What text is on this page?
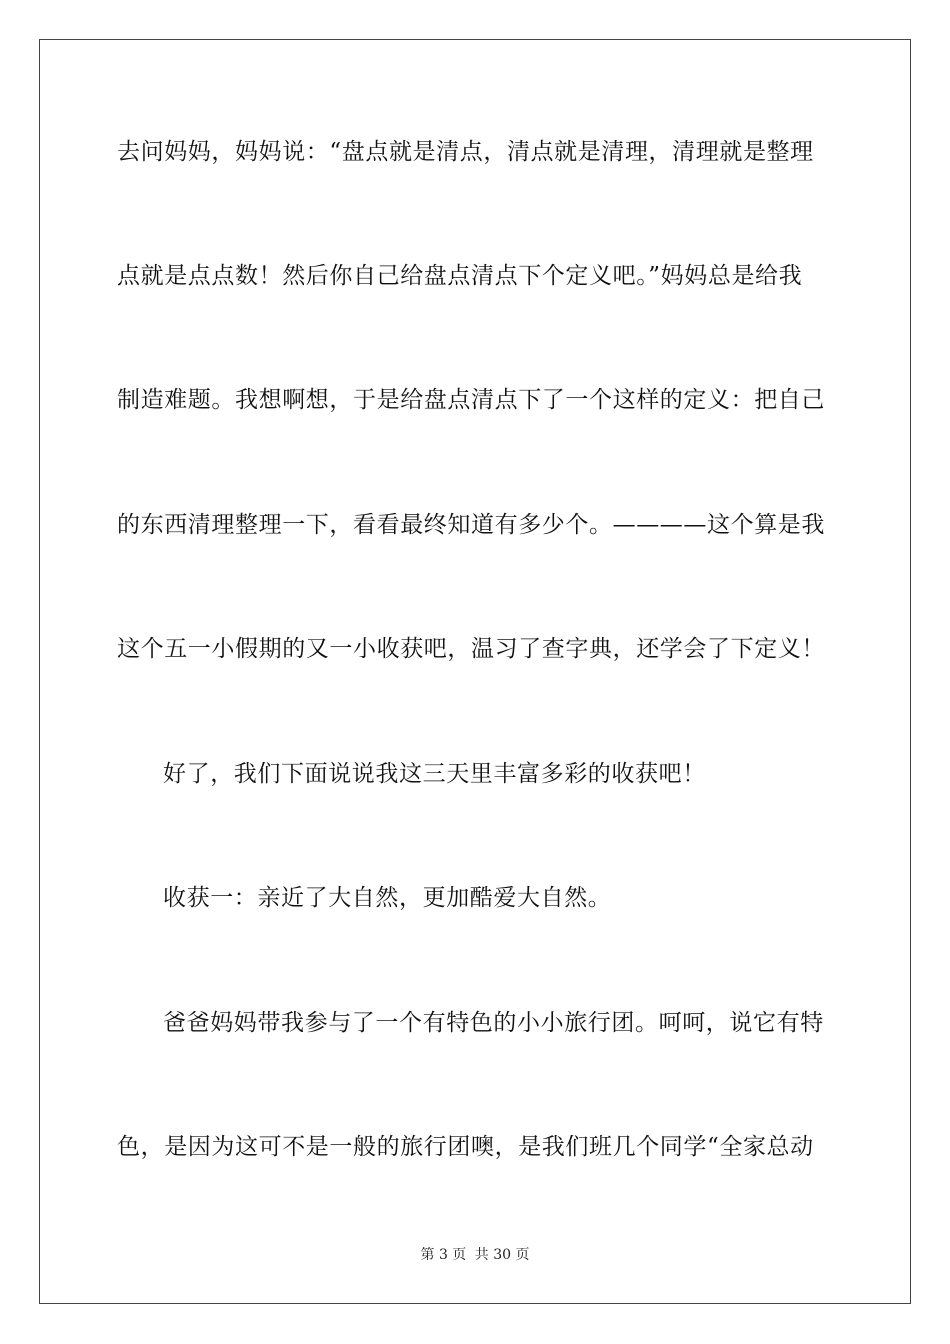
去问妈妈，妈妈说：“盘点就是清点，清点就是清理，清理就是整理
点就是点点数！然后你自己给盘点清点下个定义吧。”妈妈总是给我
制造难题。我想啊想，于是给盘点清点下了一个这样的定义：把自己
的东西清理整理一下，看看最终知道有多少个。————这个算是我
这个五一小假期的又一小收获吧，温习了查字典，还学会了下定义！
好了，我们下面说说我这三天里丰富多彩的收获吧！
收获一：亲近了大自然，更加酷爱大自然。
爸爸妈妈带我参与了一个有特色的小小旅行团。呵呵，说它有特
色，是因为这可不是一般的旅行团噢，是我们班几个同学“全家总动
第 3 页 共 30 页
